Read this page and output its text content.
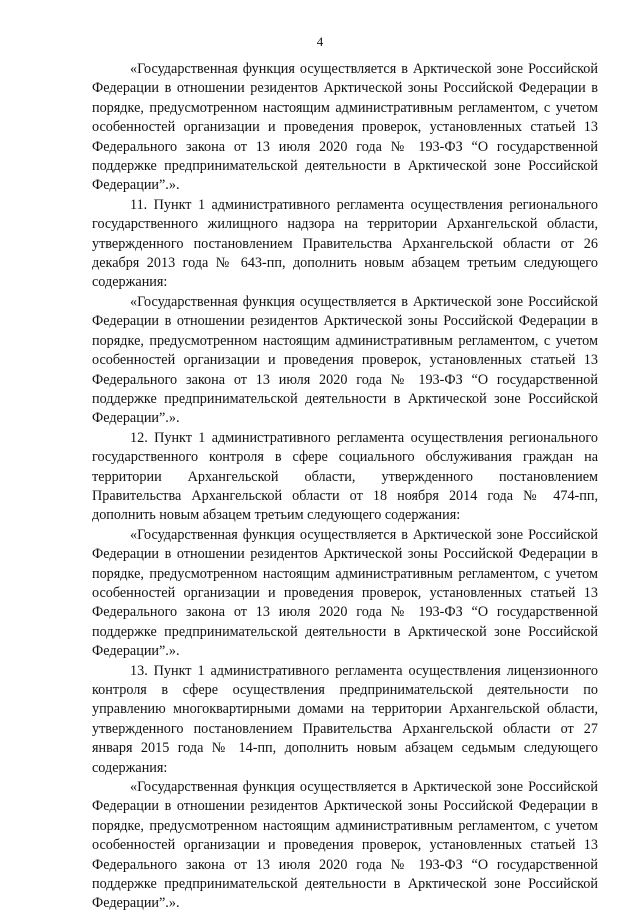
4

«Государственная функция осуществляется в Арктической зоне Российской Федерации в отношении резидентов Арктической зоны Российской Федерации в порядке, предусмотренном настоящим административным регламентом, с учетом особенностей организации и проведения проверок, установленных статьей 13 Федерального закона от 13 июля 2020 года № 193-ФЗ “О государственной поддержке предпринимательской деятельности в Арктической зоне Российской Федерации”.».

11. Пункт 1 административного регламента осуществления регионального государственного жилищного надзора на территории Архангельской области, утвержденного постановлением Правительства Архангельской области от 26 декабря 2013 года № 643-пп, дополнить новым абзацем третьим следующего содержания:

«Государственная функция осуществляется в Арктической зоне Российской Федерации в отношении резидентов Арктической зоны Российской Федерации в порядке, предусмотренном настоящим административным регламентом, с учетом особенностей организации и проведения проверок, установленных статьей 13 Федерального закона от 13 июля 2020 года № 193-ФЗ “О государственной поддержке предпринимательской деятельности в Арктической зоне Российской Федерации”.».

12. Пункт 1 административного регламента осуществления регионального государственного контроля в сфере социального обслуживания граждан на территории Архангельской области, утвержденного постановлением Правительства Архангельской области от 18 ноября 2014 года № 474-пп, дополнить новым абзацем третьим следующего содержания:

«Государственная функция осуществляется в Арктической зоне Российской Федерации в отношении резидентов Арктической зоны Российской Федерации в порядке, предусмотренном настоящим административным регламентом, с учетом особенностей организации и проведения проверок, установленных статьей 13 Федерального закона от 13 июля 2020 года № 193-ФЗ “О государственной поддержке предпринимательской деятельности в Арктической зоне Российской Федерации”.».

13. Пункт 1 административного регламента осуществления лицензионного контроля в сфере осуществления предпринимательской деятельности по управлению многоквартирными домами на территории Архангельской области, утвержденного постановлением Правительства Архангельской области от 27 января 2015 года № 14-пп, дополнить новым абзацем седьмым следующего содержания:

«Государственная функция осуществляется в Арктической зоне Российской Федерации в отношении резидентов Арктической зоны Российской Федерации в порядке, предусмотренном настоящим административным регламентом, с учетом особенностей организации и проведения проверок, установленных статьей 13 Федерального закона от 13 июля 2020 года № 193-ФЗ “О государственной поддержке предпринимательской деятельности в Арктической зоне Российской Федерации”.».
